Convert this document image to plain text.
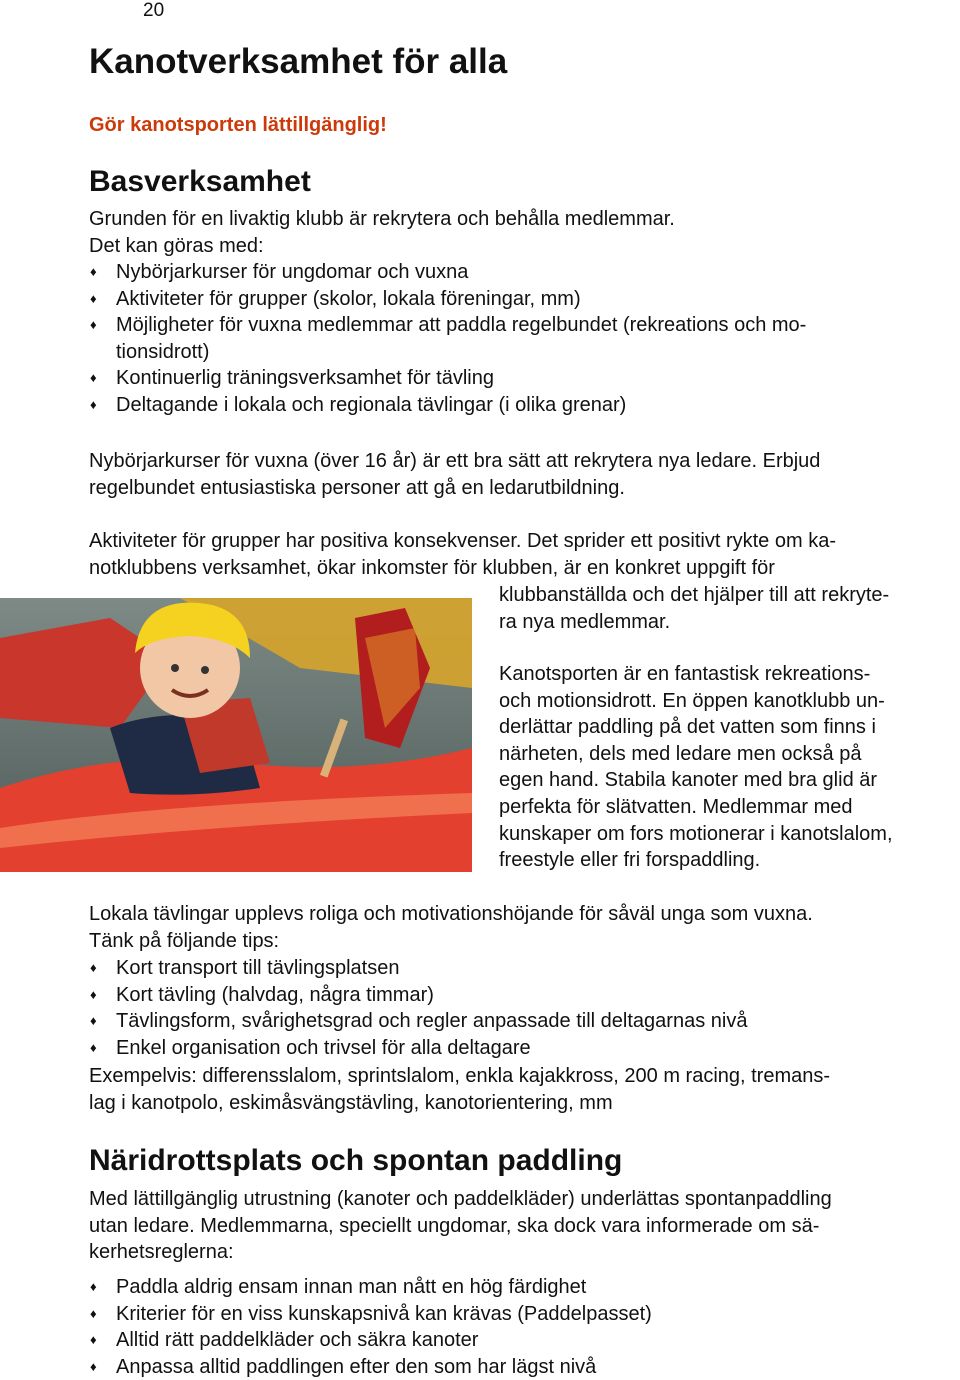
20
Kanotverksamhet för alla
Gör kanotsporten lättillgänglig!
Basverksamhet
Grunden för en livaktig klubb är rekrytera och behålla medlemmar.
Det kan göras med:
♦ Nybörjarkurser för ungdomar och vuxna
♦ Aktiviteter för grupper (skolor, lokala föreningar, mm)
♦ Möjligheter för vuxna medlemmar att paddla regelbundet (rekreations och mo-
tionsidrott)
♦ Kontinuerlig träningsverksamhet för tävling
♦ Deltagande i lokala och regionala tävlingar (i olika grenar)
Nybörjarkurser för vuxna (över 16 år) är ett bra sätt att rekrytera nya ledare. Erbjud
regelbundet entusiastiska personer att gå en ledarutbildning.
Aktiviteter för grupper har positiva konsekvenser. Det sprider ett positivt rykte om ka-
notklubbens verksamhet, ökar inkomster för klubben, är en konkret uppgift för
klubbanställda och det hjälper till att rekryte-
ra nya medlemmar.
Kanotsporten är en fantastisk rekreations-
och motionsidrott. En öppen kanotklubb un-
derlättar paddling på det vatten som finns i
närheten, dels med ledare men också på
egen hand. Stabila kanoter med bra glid är
perfekta för slätvatten. Medlemmar med
kunskaper om fors motionerar i kanotslalom,
freestyle eller fri forspaddling.
Lokala tävlingar upplevs roliga och motivationshöjande för såväl unga som vuxna.
Tänk på följande tips:
♦ Kort transport till tävlingsplatsen
♦ Kort tävling (halvdag, några timmar)
♦ Tävlingsform, svårighetsgrad och regler anpassade till deltagarnas nivå
♦ Enkel organisation och trivsel för alla deltagare
Exempelvis: differensslalom, sprintslalom, enkla kajakkross, 200 m racing, tremans-
lag i kanotpolo, eskimåsvängstävling, kanotorientering, mm
Näridrottsplats och spontan paddling
Med lättillgänglig utrustning (kanoter och paddelkläder) underlättas spontanpaddling
utan ledare. Medlemmarna, speciellt ungdomar, ska dock vara informerade om sä-
kerhetsreglerna:
♦ Paddla aldrig ensam innan man nått en hög färdighet
♦ Kriterier för en viss kunskapsnivå kan krävas (Paddelpasset)
♦ Alltid rätt paddelkläder och säkra kanoter
♦ Anpassa alltid paddlingen efter den som har lägst nivå
